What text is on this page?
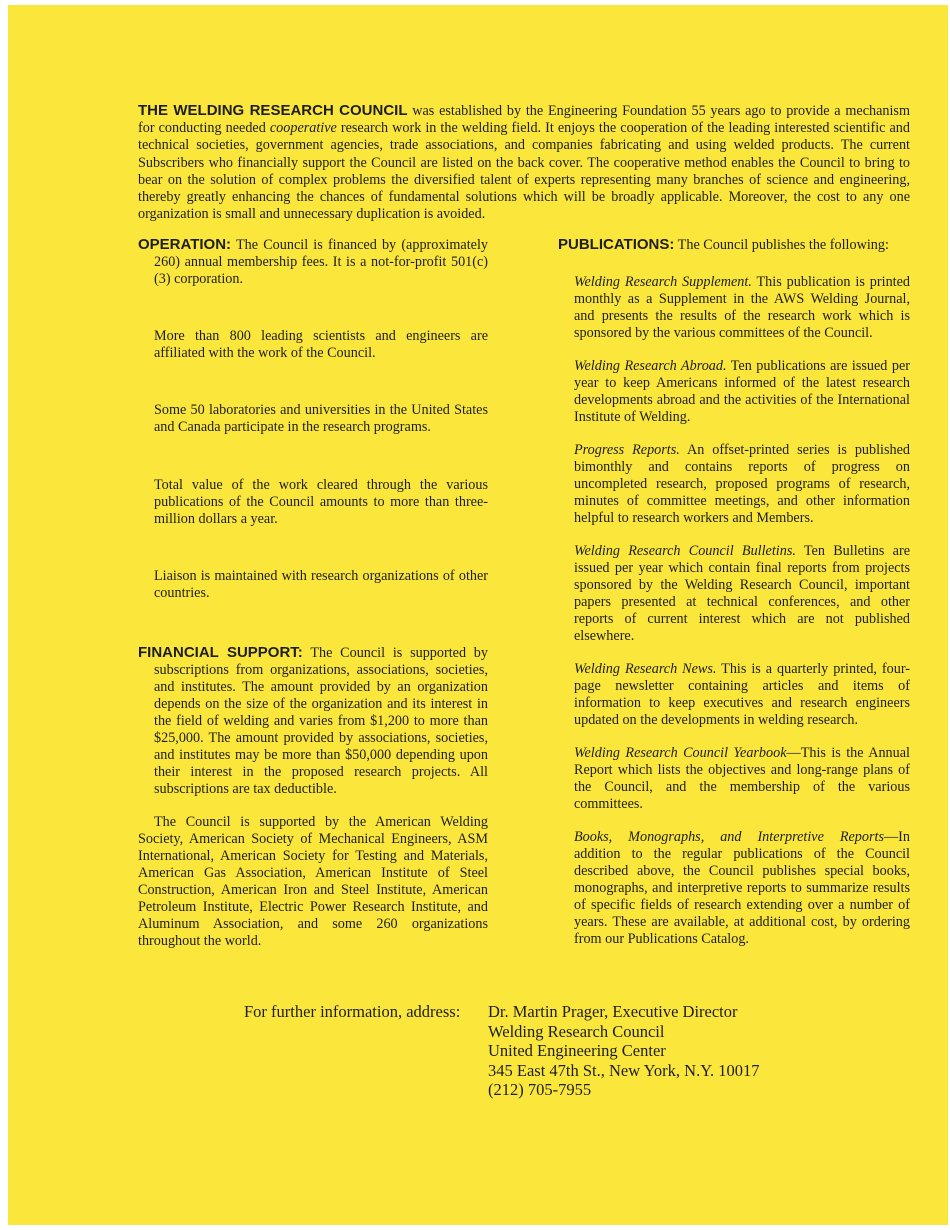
THE WELDING RESEARCH COUNCIL was established by the Engineering Foundation 55 years ago to provide a mechanism for conducting needed cooperative research work in the welding field. It enjoys the cooperation of the leading interested scientific and technical societies, government agencies, trade associations, and companies fabricating and using welded products. The current Subscribers who financially support the Council are listed on the back cover. The cooperative method enables the Council to bring to bear on the solution of complex problems the diversified talent of experts representing many branches of science and engineering, thereby greatly enhancing the chances of fundamental solutions which will be broadly applicable. Moreover, the cost to any one organization is small and unnecessary duplication is avoided.
OPERATION: The Council is financed by (approximately 260) annual membership fees. It is a not-for-profit 501(c)(3) corporation.
More than 800 leading scientists and engineers are affiliated with the work of the Council.
Some 50 laboratories and universities in the United States and Canada participate in the research programs.
Total value of the work cleared through the various publications of the Council amounts to more than three-million dollars a year.
Liaison is maintained with research organizations of other countries.
FINANCIAL SUPPORT: The Council is supported by subscriptions from organizations, associations, societies, and institutes. The amount provided by an organization depends on the size of the organization and its interest in the field of welding and varies from $1,200 to more than $25,000. The amount provided by associations, societies, and institutes may be more than $50,000 depending upon their interest in the proposed research projects. All subscriptions are tax deductible.
The Council is supported by the American Welding Society, American Society of Mechanical Engineers, ASM International, American Society for Testing and Materials, American Gas Association, American Institute of Steel Construction, American Iron and Steel Institute, American Petroleum Institute, Electric Power Research Institute, and Aluminum Association, and some 260 organizations throughout the world.
PUBLICATIONS: The Council publishes the following:
Welding Research Supplement. This publication is printed monthly as a Supplement in the AWS Welding Journal, and presents the results of the research work which is sponsored by the various committees of the Council.
Welding Research Abroad. Ten publications are issued per year to keep Americans informed of the latest research developments abroad and the activities of the International Institute of Welding.
Progress Reports. An offset-printed series is published bimonthly and contains reports of progress on uncompleted research, proposed programs of research, minutes of committee meetings, and other information helpful to research workers and Members.
Welding Research Council Bulletins. Ten Bulletins are issued per year which contain final reports from projects sponsored by the Welding Research Council, important papers presented at technical conferences, and other reports of current interest which are not published elsewhere.
Welding Research News. This is a quarterly printed, four-page newsletter containing articles and items of information to keep executives and research engineers updated on the developments in welding research.
Welding Research Council Yearbook—This is the Annual Report which lists the objectives and long-range plans of the Council, and the membership of the various committees.
Books, Monographs, and Interpretive Reports—In addition to the regular publications of the Council described above, the Council publishes special books, monographs, and interpretive reports to summarize results of specific fields of research extending over a number of years. These are available, at additional cost, by ordering from our Publications Catalog.
For further information, address: Dr. Martin Prager, Executive Director
Welding Research Council
United Engineering Center
345 East 47th St., New York, N.Y. 10017
(212) 705-7955
